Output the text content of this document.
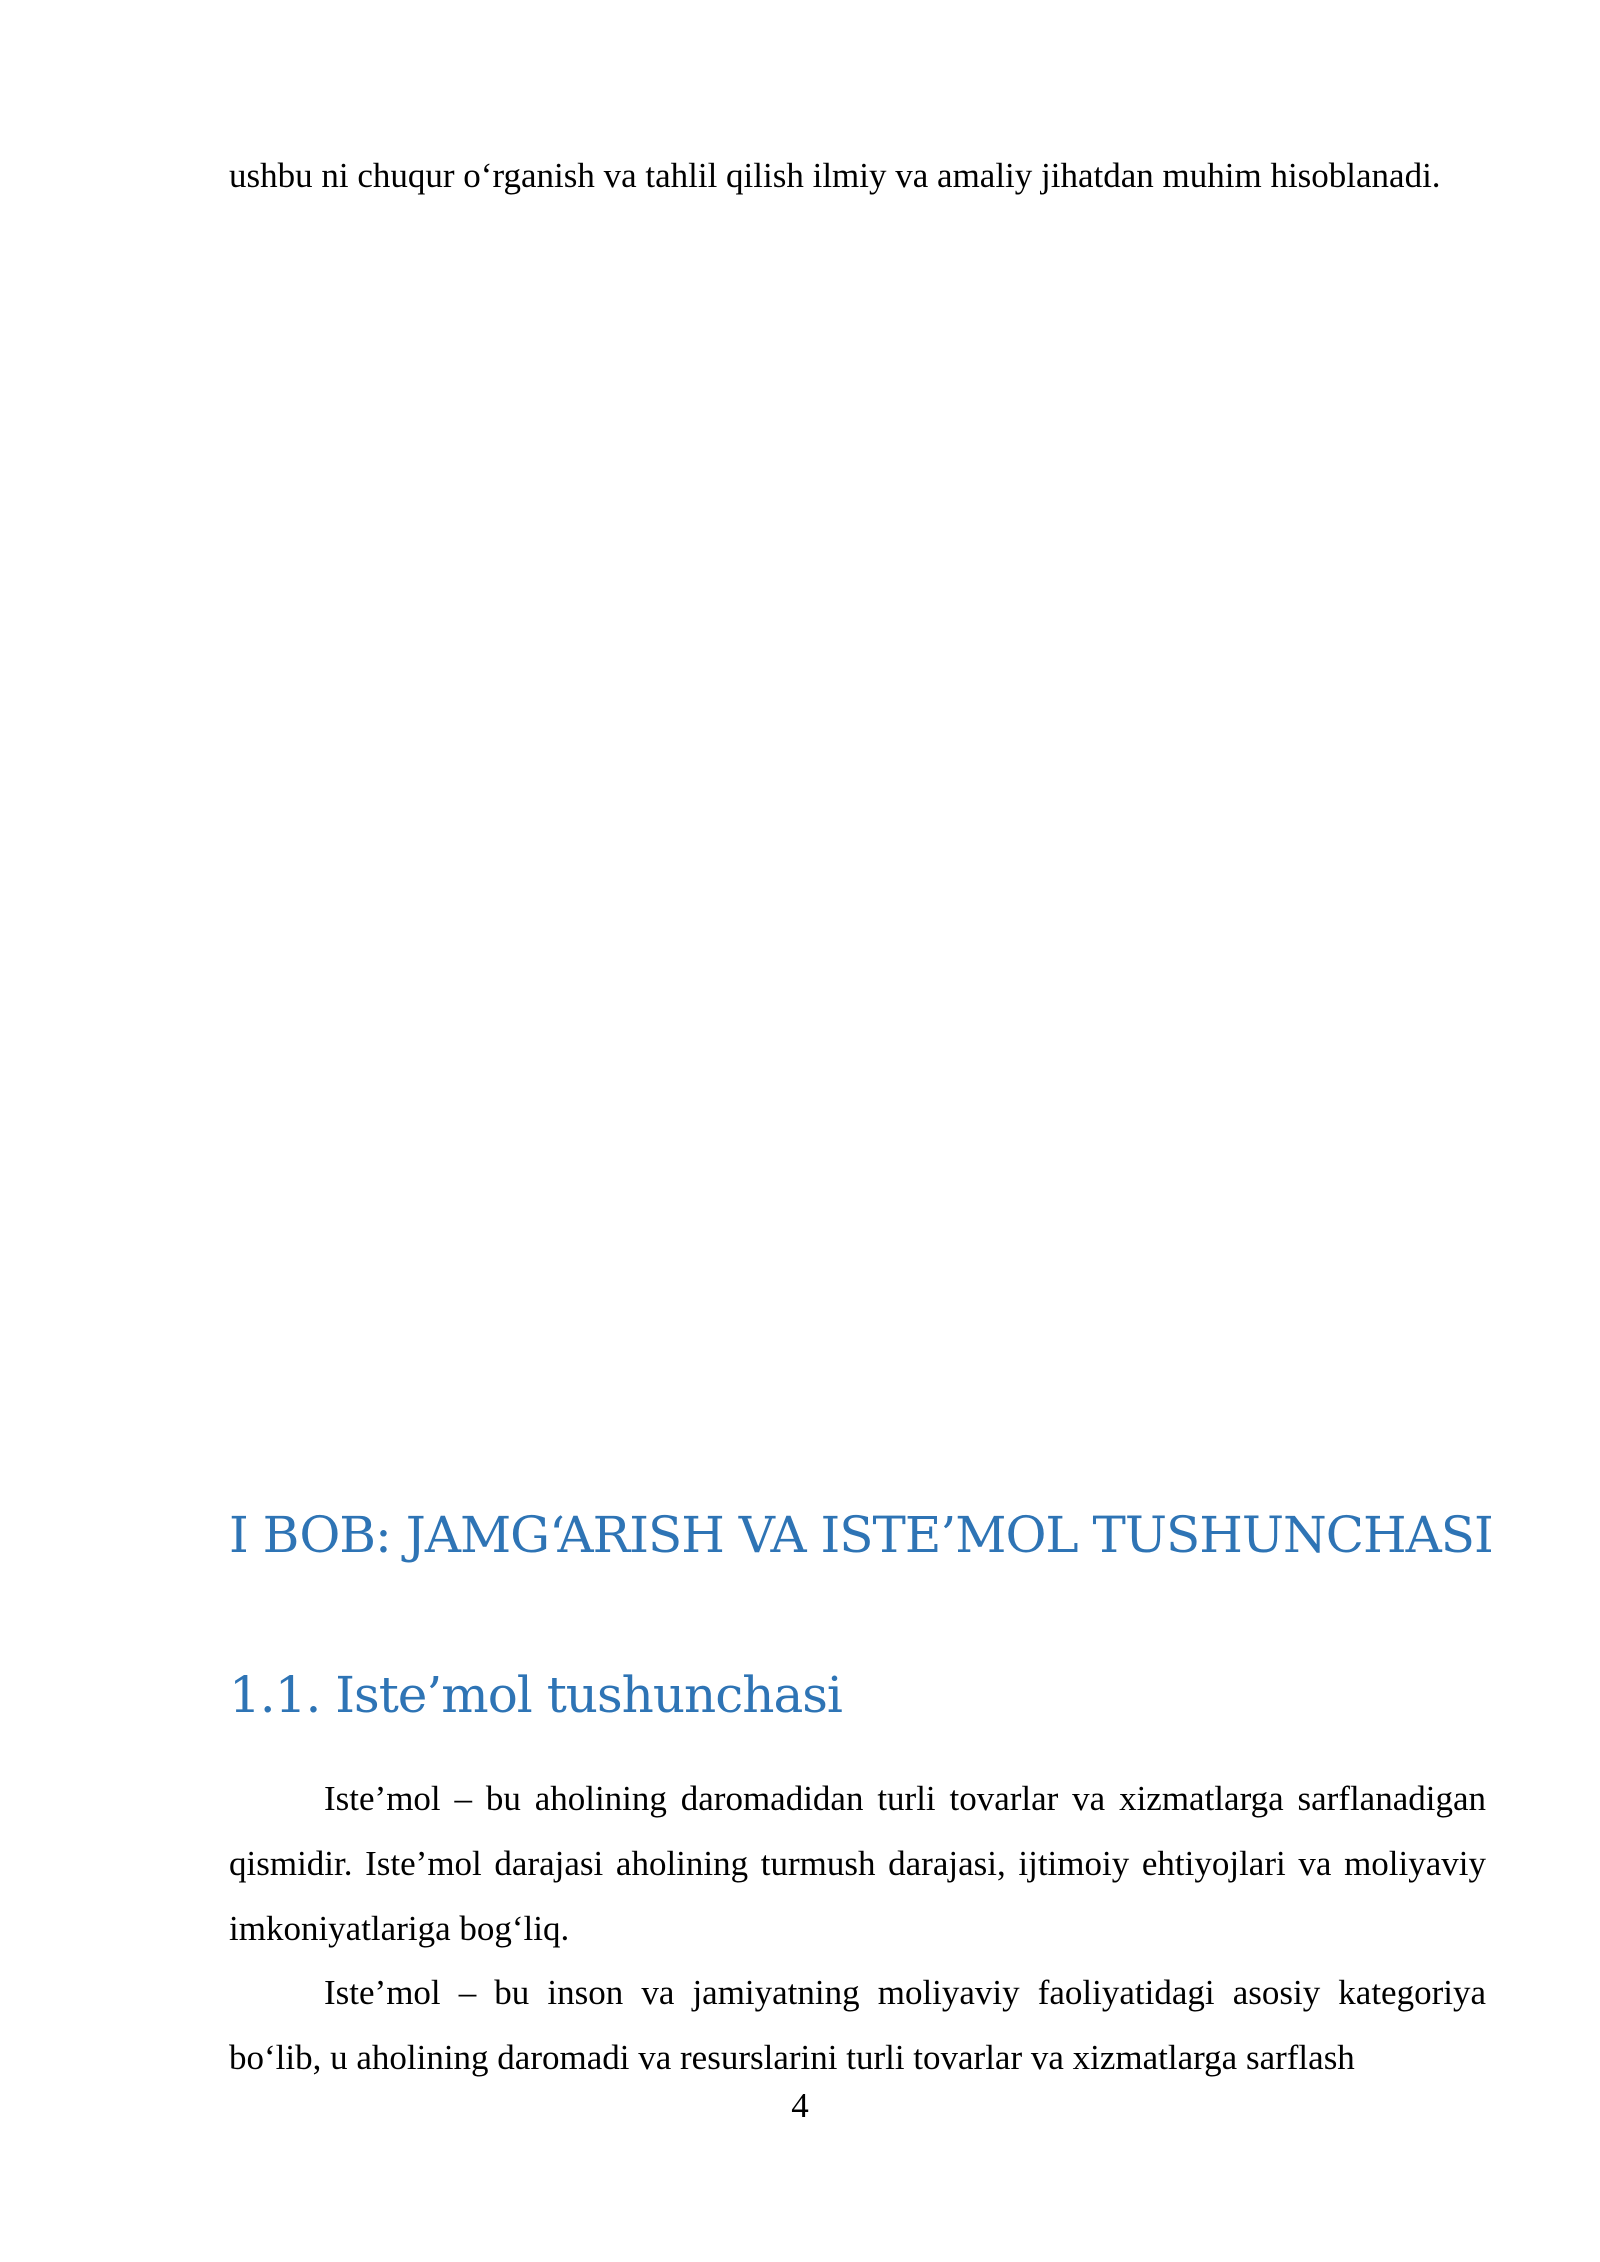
ushbu ni chuqur o‘rganish va tahlil qilish ilmiy va amaliy jihatdan muhim hisoblanadi.

I BOB: JAMG‘ARISH VA ISTE’MOL TUSHUNCHASI
1.1. Iste’mol tushunchasi

Iste’mol – bu aholining daromadidan turli tovarlar va xizmatlarga sarflanadigan qismidir. Iste’mol darajasi aholining turmush darajasi, ijtimoiy ehtiyojlari va moliyaviy imkoniyatlariga bog‘liq.

Iste’mol – bu inson va jamiyatning moliyaviy faoliyatidagi asosiy kategoriya bo‘lib, u aholining daromadi va resurslarini turli tovarlar va xizmatlarga sarflash

4
